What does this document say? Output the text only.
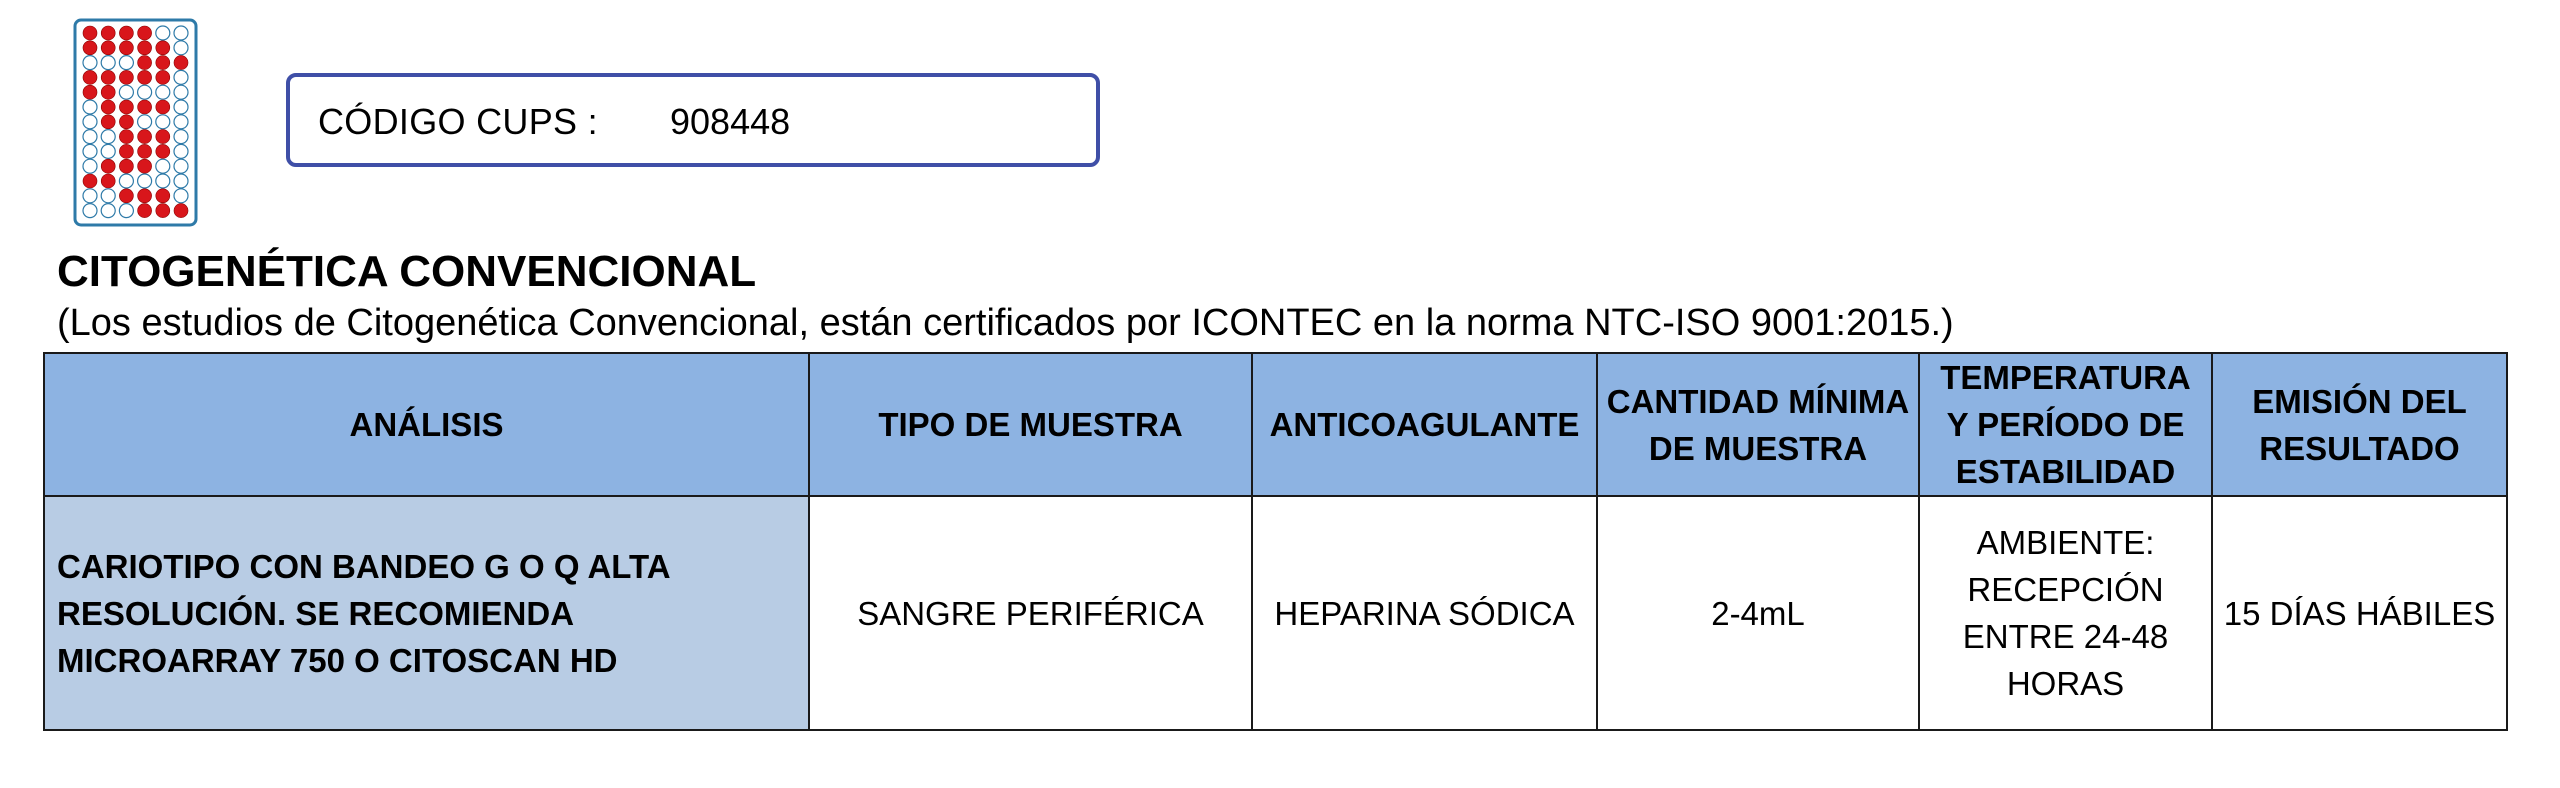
CÓDIGO CUPS : 908448
CITOGENÉTICA CONVENCIONAL
(Los estudios de Citogenética Convencional, están certificados por ICONTEC en la norma NTC-ISO 9001:2015.)
ANÁLISIS	TIPO DE MUESTRA	ANTICOAGULANTE	CANTIDAD MÍNIMA DE MUESTRA	TEMPERATURA Y PERÍODO DE ESTABILIDAD	EMISIÓN DEL RESULTADO
CARIOTIPO CON BANDEO G O Q ALTA RESOLUCIÓN. SE RECOMIENDA MICROARRAY 750 O CITOSCAN HD	SANGRE PERIFÉRICA	HEPARINA SÓDICA	2-4mL	AMBIENTE: RECEPCIÓN ENTRE 24-48 HORAS	15 DÍAS HÁBILES
